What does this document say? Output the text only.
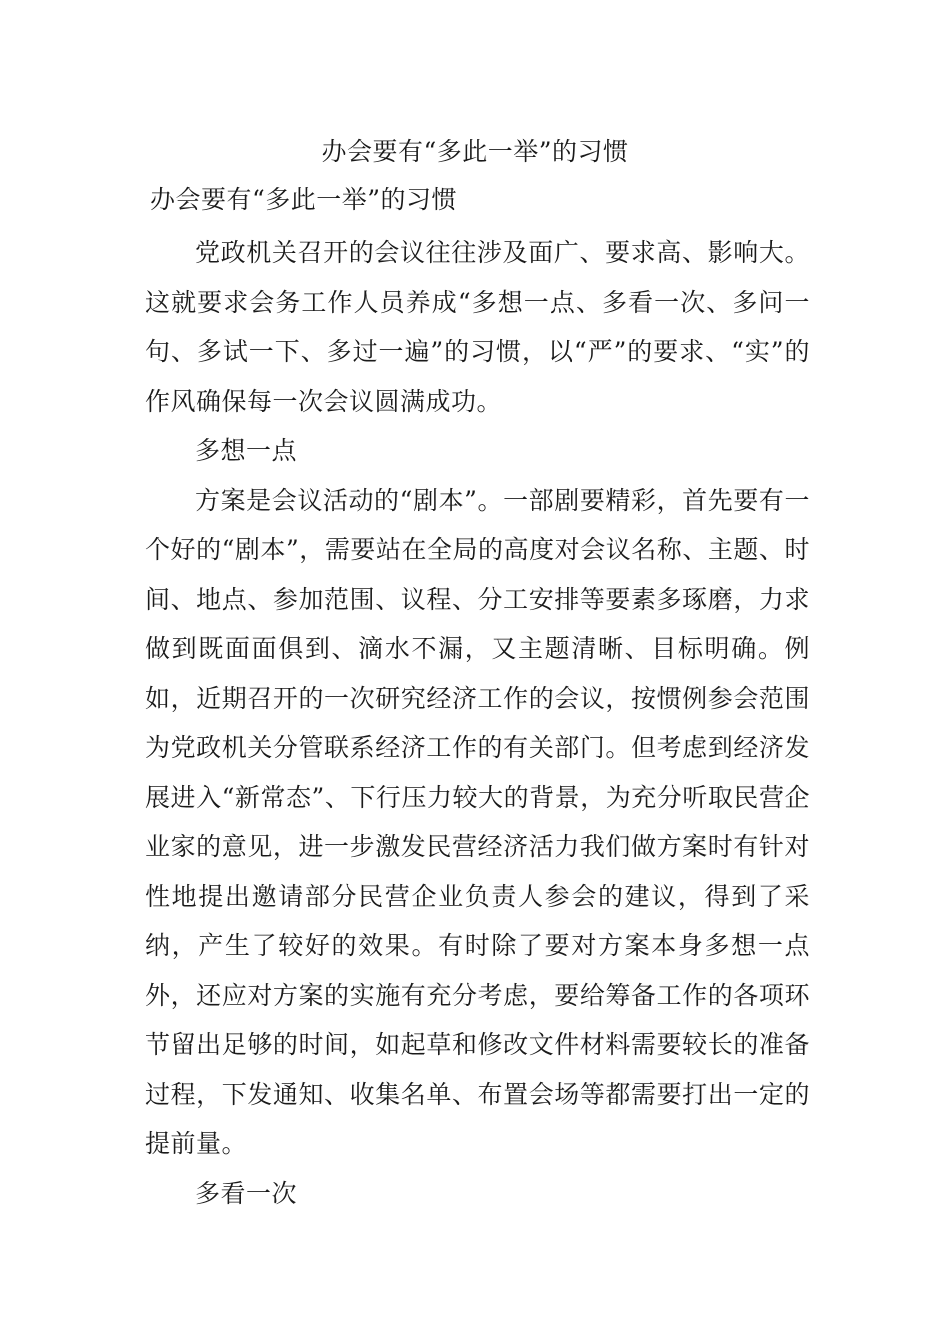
办会要有“多此一举”的习惯
办会要有“多此一举”的习惯

党政机关召开的会议往往涉及面广、要求高、影响大。这就要求会务工作人员养成“多想一点、多看一次、多问一句、多试一下、多过一遍”的习惯，以“严”的要求、“实”的作风确保每一次会议圆满成功。

多想一点

方案是会议活动的“剧本”。一部剧要精彩，首先要有一个好的“剧本”，需要站在全局的高度对会议名称、主题、时间、地点、参加范围、议程、分工安排等要素多琢磨，力求做到既面面俱到、滴水不漏，又主题清晰、目标明确。例如，近期召开的一次研究经济工作的会议，按惯例参会范围为党政机关分管联系经济工作的有关部门。但考虑到经济发展进入“新常态”、下行压力较大的背景，为充分听取民营企业家的意见，进一步激发民营经济活力我们做方案时有针对性地提出邀请部分民营企业负责人参会的建议，得到了采纳，产生了较好的效果。有时除了要对方案本身多想一点外，还应对方案的实施有充分考虑，要给筹备工作的各项环节留出足够的时间，如起草和修改文件材料需要较长的准备过程，下发通知、收集名单、布置会场等都需要打出一定的提前量。

多看一次
